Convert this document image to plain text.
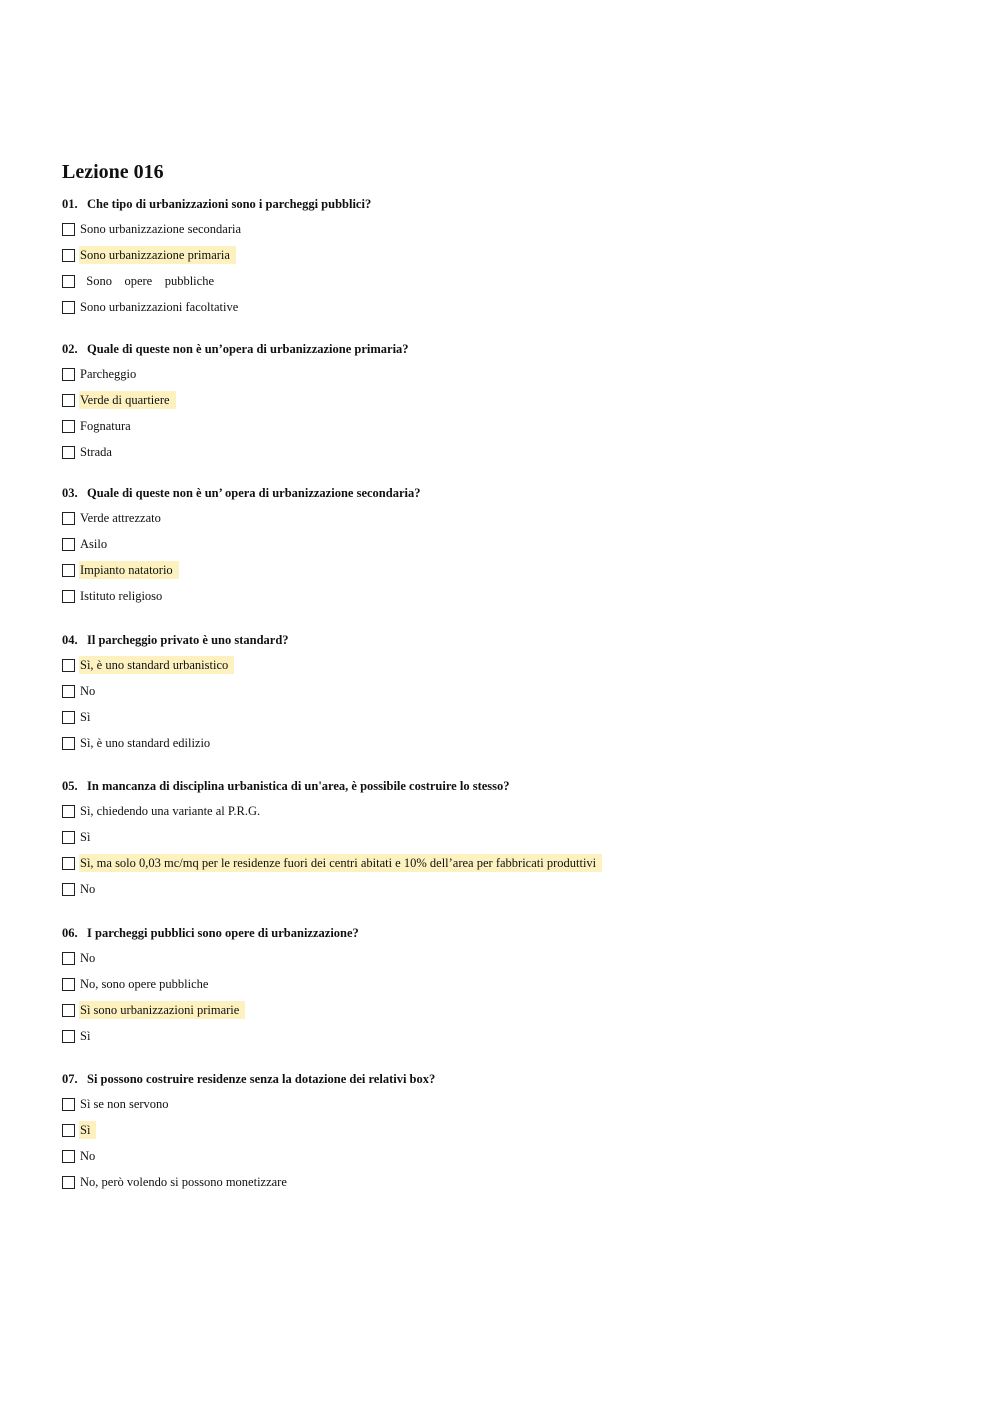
Lezione 016
01. Che tipo di urbanizzazioni sono i parcheggi pubblici?
Sono urbanizzazione secondaria
Sono urbanizzazione primaria
Sono    opere    pubbliche
Sono urbanizzazioni facoltative
02. Quale di queste non è un’opera di urbanizzazione primaria?
Parcheggio
Verde di quartiere
Fognatura
Strada
03. Quale di queste non è un’ opera di urbanizzazione secondaria?
Verde attrezzato
Asilo
Impianto natatorio
Istituto religioso
04. Il parcheggio privato è uno standard?
Sì, è uno standard urbanistico
No
Sì
Sì, è uno standard edilizio
05. In mancanza di disciplina urbanistica di un'area, è possibile costruire lo stesso?
Sì, chiedendo una variante al P.R.G.
Sì
Sì, ma solo 0,03 mc/mq per le residenze fuori dei centri abitati e 10% dell’area per fabbricati produttivi
No
06. I parcheggi pubblici sono opere di urbanizzazione?
No
No, sono opere pubbliche
Sì sono urbanizzazioni primarie
Sì
07. Si possono costruire residenze senza la dotazione dei relativi box?
Sì se non servono
Sì
No
No, però volendo si possono monetizzare
